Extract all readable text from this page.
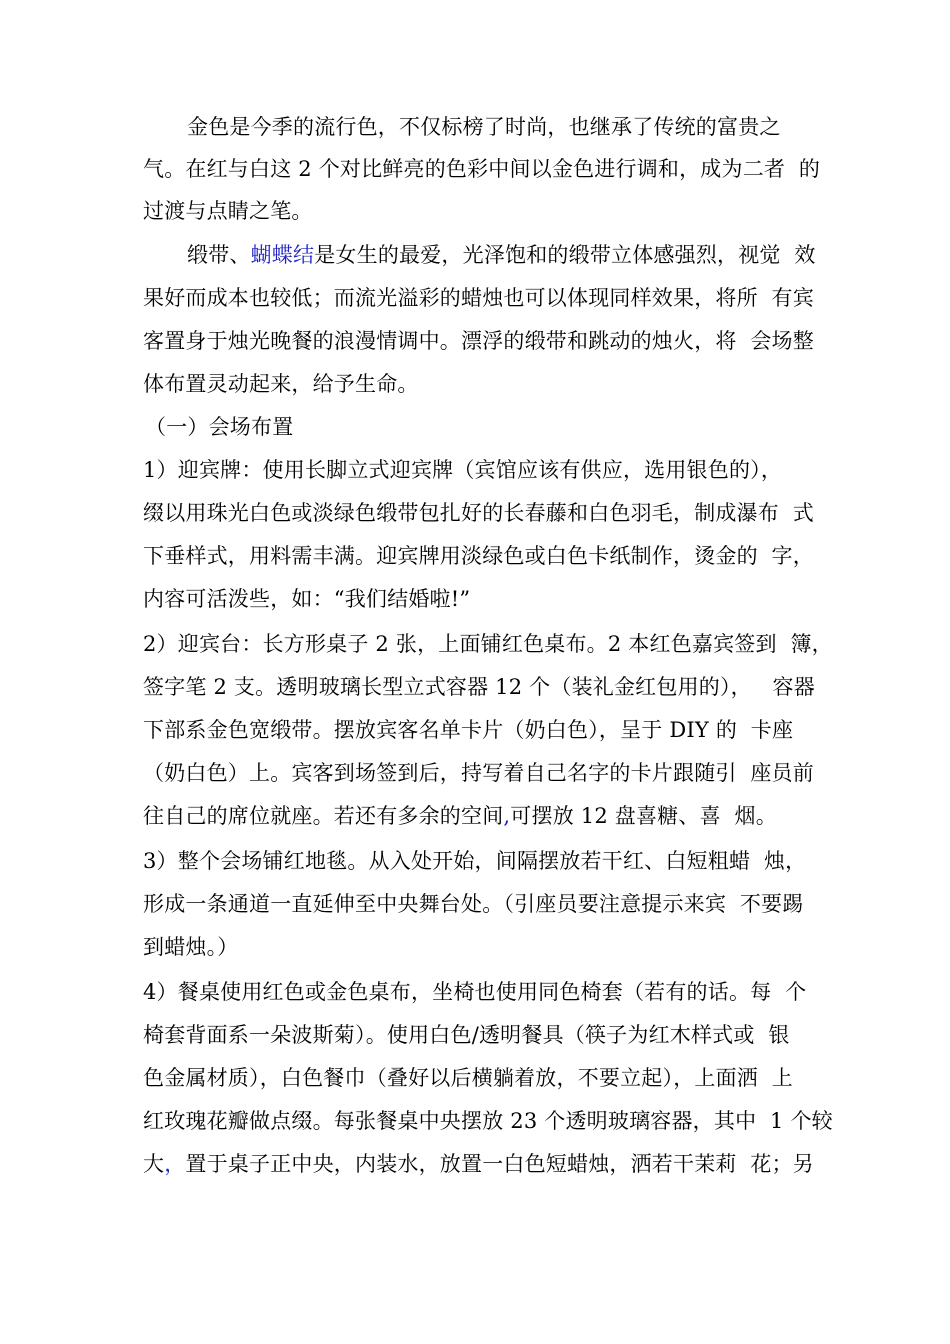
金色是今季的流行色，不仅标榜了时尚，也继承了传统的富贵之
气。在红与白这 2 个对比鲜亮的色彩中间以金色进行调和，成为二者  的
过渡与点睛之笔。
缎带、蝴蝶结是女生的最爱，光泽饱和的缎带立体感强烈，视觉  效
果好而成本也较低；而流光溢彩的蜡烛也可以体现同样效果，将所  有宾
客置身于烛光晚餐的浪漫情调中。漂浮的缎带和跳动的烛火，将  会场整
体布置灵动起来，给予生命。
（一）会场布置
1）迎宾牌：使用长脚立式迎宾牌（宾馆应该有供应，选用银色的），
缀以用珠光白色或淡绿色缎带包扎好的长春藤和白色羽毛，制成瀑布  式
下垂样式，用料需丰满。迎宾牌用淡绿色或白色卡纸制作，烫金的  字，
内容可活泼些，如：“我们结婚啦!”
2）迎宾台：长方形桌子 2 张，上面铺红色桌布。2 本红色嘉宾签到  簿，
签字笔 2 支。透明玻璃长型立式容器 12 个（装礼金红包用的），   容器
下部系金色宽缎带。摆放宾客名单卡片（奶白色），呈于 DIY 的  卡座
（奶白色）上。宾客到场签到后，持写着自己名字的卡片跟随引  座员前
往自己的席位就座。若还有多余的空间,可摆放 12 盘喜糖、喜  烟。
3）整个会场铺红地毯。从入处开始，间隔摆放若干红、白短粗蜡  烛，
形成一条通道一直延伸至中央舞台处。（引座员要注意提示来宾  不要踢
到蜡烛。）
4）餐桌使用红色或金色桌布，坐椅也使用同色椅套（若有的话。每  个
椅套背面系一朵波斯菊）。使用白色/透明餐具（筷子为红木样式或  银
色金属材质），白色餐巾（叠好以后横躺着放，不要立起），上面洒  上
红玫瑰花瓣做点缀。每张餐桌中央摆放 23 个透明玻璃容器，其中  1 个较
大，置于桌子正中央，内装水，放置一白色短蜡烛，洒若干茉莉  花；另
